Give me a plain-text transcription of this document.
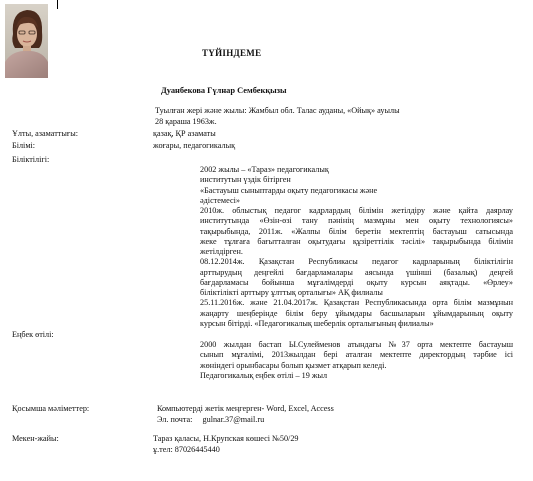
ТҮЙІНДЕМЕ
Дуанбекова Гүлнар Сембекқызы
Туылған жері және жылы: Жамбыл обл. Талас ауданы, «Ойық» ауылы
28 қараша 1963ж.
Ұлты, азаматтығы:	қазақ, ҚР азаматы
Білімі:	жоғары, педагогикалық
Біліктілігі:
2002 жылы – «Тараз» педагогикалық
институтын үздік бітірген
«Бастауыш сыныптарды оқыту педагогикасы және
әдістемесі»
2010ж. облыстық педагог кадрлардың білімін жетілдіру және қайта даярлау
институтында «Өзін-өзі тану пәнінің мазмұны мен оқыту технологиясы»
тақырыбында, 2011ж. «Жалпы білім беретін мектептің бастауыш сатысында
жеке тұлғаға бағытталған оқытудағы құзіреттілік тәсілі» тақырыбында білімін
жетілдірген.
08.12.2014ж. Қазақстан Республикасы педагог кадрларының біліктілігін
арттырудың деңгейлі бағдарламалары аясында үшінші (базалық) деңгей
бағдарламасы бойынша мұғалімдерді оқыту курсын аяқтады. «Өрлеу»
біліктілікті арттыру ұлттық орталығы» АҚ филиалы
25.11.2016ж. және 21.04.2017ж. Қазақстан Республикасында орта білім мазмұнын
жаңарту шеңберінде білім беру ұйымдары басшыларын ұйымдарының оқыту
курсын бітірді. «Педагогикалық шеберлік орталығының филиалы»
Еңбек өтілі:
2000 жылдан бастап Ы.Сулейменов атындағы №37 орта мектепте бастауыш
сынып мұғалімі, 2013жылдан бері аталған мектепте директордың тәрбие ісі
жөніндегі орынбасары болып қызмет атқарып келеді.
Педагогикалық еңбек өтілі – 19 жыл
Қосымша мәліметтер:	Компьютерді жетік меңгерген- Word, Excel, Access
Эл. почта: gulnar.37@mail.ru
Мекен-жайы:	Тараз қаласы, Н.Крупская көшесі №50/29
ұ.тел: 87026445440
